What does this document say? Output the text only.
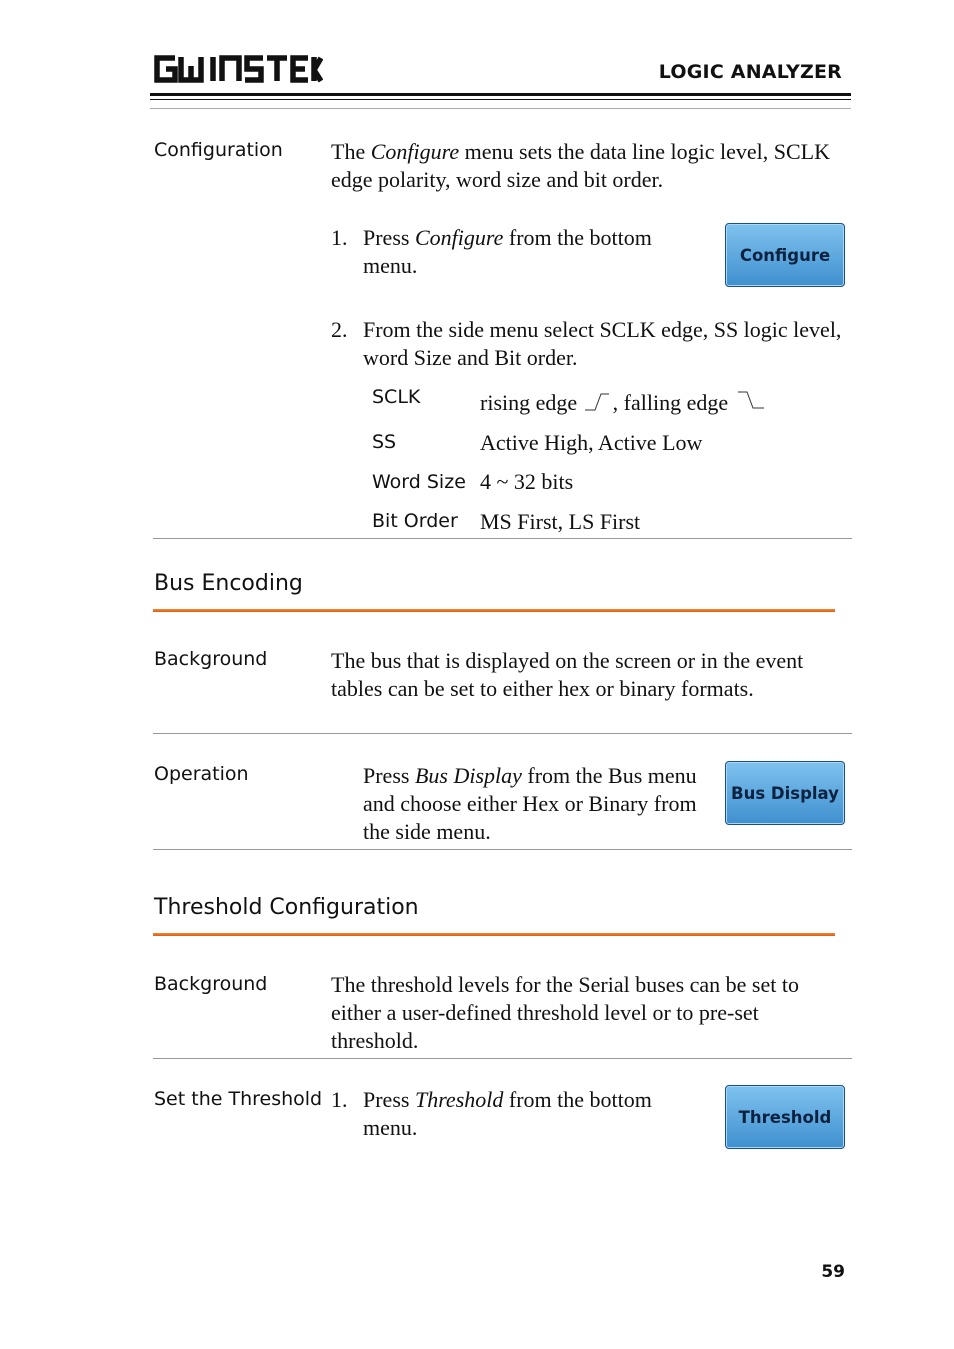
LOGIC ANALYZER
Configuration The Configure menu sets the data line logic level, SCLK edge polarity, word size and bit order.
1. Press Configure from the bottom menu.	Configure
2. From the side menu select SCLK edge, SS logic level, word Size and Bit order.
SCLK	rising edge , falling edge
SS	Active High, Active Low
Word Size 4 ~ 32 bits
Bit Order MS First, LS First
Bus Encoding
Background	The bus that is displayed on the screen or in the event tables can be set to either hex or binary formats.
Operation	Press Bus Display from the Bus menu and choose either Hex or Binary from the side menu.
Bus Display
Threshold Configuration
Background	The threshold levels for the Serial buses can be set to either a user-defined threshold level or to pre-set threshold.
Set the Threshold 1. Press Threshold from the bottom menu.	Threshold
59
